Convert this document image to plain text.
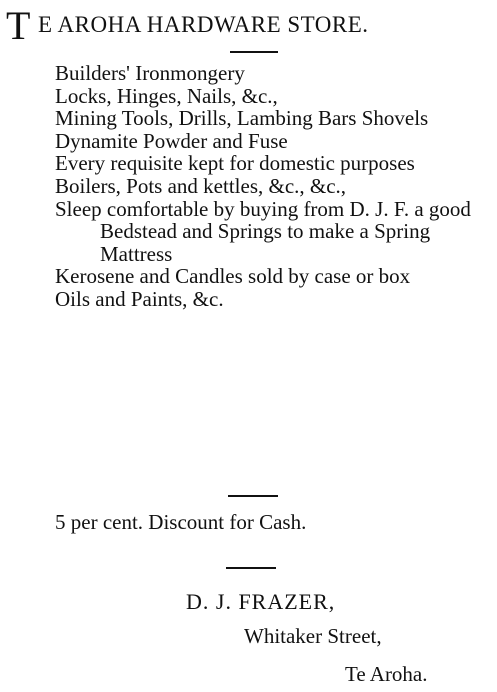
T E AROHA HARDWARE STORE.
Builders' Ironmongery
Locks, Hinges, Nails, &c.,
Mining Tools, Drills, Lambing Bars Shovels
Dynamite Powder and Fuse
Every requisite kept for domestic purposes
Boilers, Pots and kettles, &c., &c.,
Sleep comfortable by buying from D. J. F. a good Bedstead and Springs to make a Spring Mattress
Kerosene and Candles sold by case or box
Oils and Paints, &c.
5 per cent. Discount for Cash.
D. J. FRAZER,
Whitaker Street,
Te Aroha.
